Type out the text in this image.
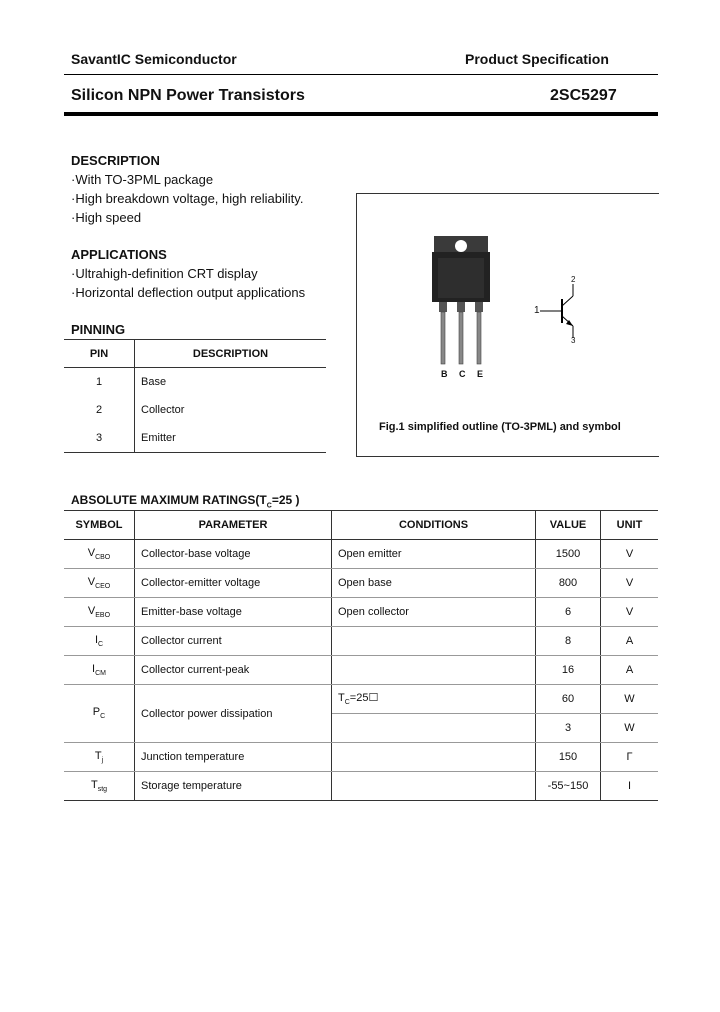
SavantIC Semiconductor	Product Specification
Silicon NPN Power Transistors	2SC5297
DESCRIPTION
·With TO-3PML package
·High breakdown voltage, high reliability.
·High speed
APPLICATIONS
·Ultrahigh-definition CRT display
·Horizontal deflection output applications
PINNING
PIN	DESCRIPTION
1	Base
2	Collector
3	Emitter
B C E
2
1
3
Fig.1 simplified outline (TO-3PML) and symbol
ABSOLUTE MAXIMUM $RATINGS(T_C=25$ )
SYMBOL	PARAMETER	CONDITIONS	VALUE	UNIT
$V_{CBO}$	Collector-base voltage	Open emitter	1500	V
$V_{CEO}$	Collector-emitter voltage	Open base	800	V
$V_{EBO}$	Emitter-base voltage	Open collector	6	V
$I_C$	Collector current		8	A
$I_{CM}$	Collector current-peak		16	A
$P_C$	Collector power dissipation	$T_C=25☐$	60	W
			3	W
$T_j$	Junction temperature		150	Γ
$T_{stg}$	Storage temperature		-55~150	I
